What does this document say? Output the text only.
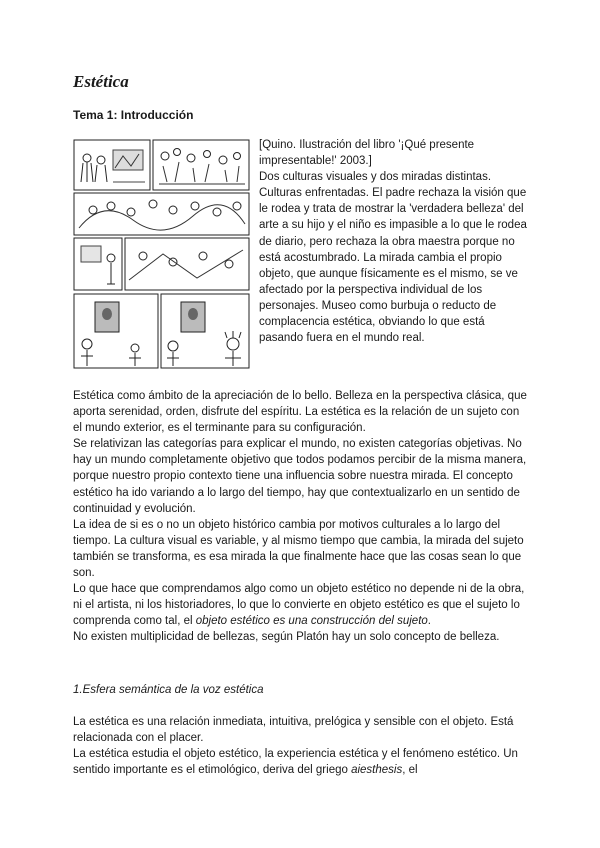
Estética
Tema 1: Introducción

[Quino. Ilustración del libro '¡Qué presente impresentable!' 2003.]

Dos culturas visuales y dos miradas distintas. Culturas enfrentadas. El padre rechaza la visión que le rodea y trata de mostrar la 'verdadera belleza' del arte a su hijo y el niño es impasible a lo que le rodea de diario, pero rechaza la obra maestra porque no está acostumbrado. La mirada cambia el propio objeto, que aunque físicamente es el mismo, se ve afectado por la perspectiva individual de los personajes. Museo como burbuja o reducto de complacencia estética, obviando lo que está pasando fuera en el mundo real.

Estética como ámbito de la apreciación de lo bello. Belleza en la perspectiva clásica, que aporta serenidad, orden, disfrute del espíritu. La estética es la relación de un sujeto con el mundo exterior, es el terminante para su configuración.

Se relativizan las categorías para explicar el mundo, no existen categorías objetivas. No hay un mundo completamente objetivo que todos podamos percibir de la misma manera, porque nuestro propio contexto tiene una influencia sobre nuestra mirada. El concepto estético ha ido variando a lo largo del tiempo, hay que contextualizarlo en un sentido de continuidad y evolución.

La idea de si es o no un objeto histórico cambia por motivos culturales a lo largo del tiempo. La cultura visual es variable, y al mismo tiempo que cambia, la mirada del sujeto también se transforma, es esa mirada la que finalmente hace que las cosas sean lo que son.

Lo que hace que comprendamos algo como un objeto estético no depende ni de la obra, ni el artista, ni los historiadores, lo que lo convierte en objeto estético es que el sujeto lo comprenda como tal, el objeto estético es una construcción del sujeto.

No existen multiplicidad de bellezas, según Platón hay un solo concepto de belleza.

1.Esfera semántica de la voz estética

La estética es una relación inmediata, intuitiva, prelógica y sensible con el objeto. Está relacionada con el placer.

La estética estudia el objeto estético, la experiencia estética y el fenómeno estético. Un sentido importante es el etimológico, deriva del griego aiesthesis, el
